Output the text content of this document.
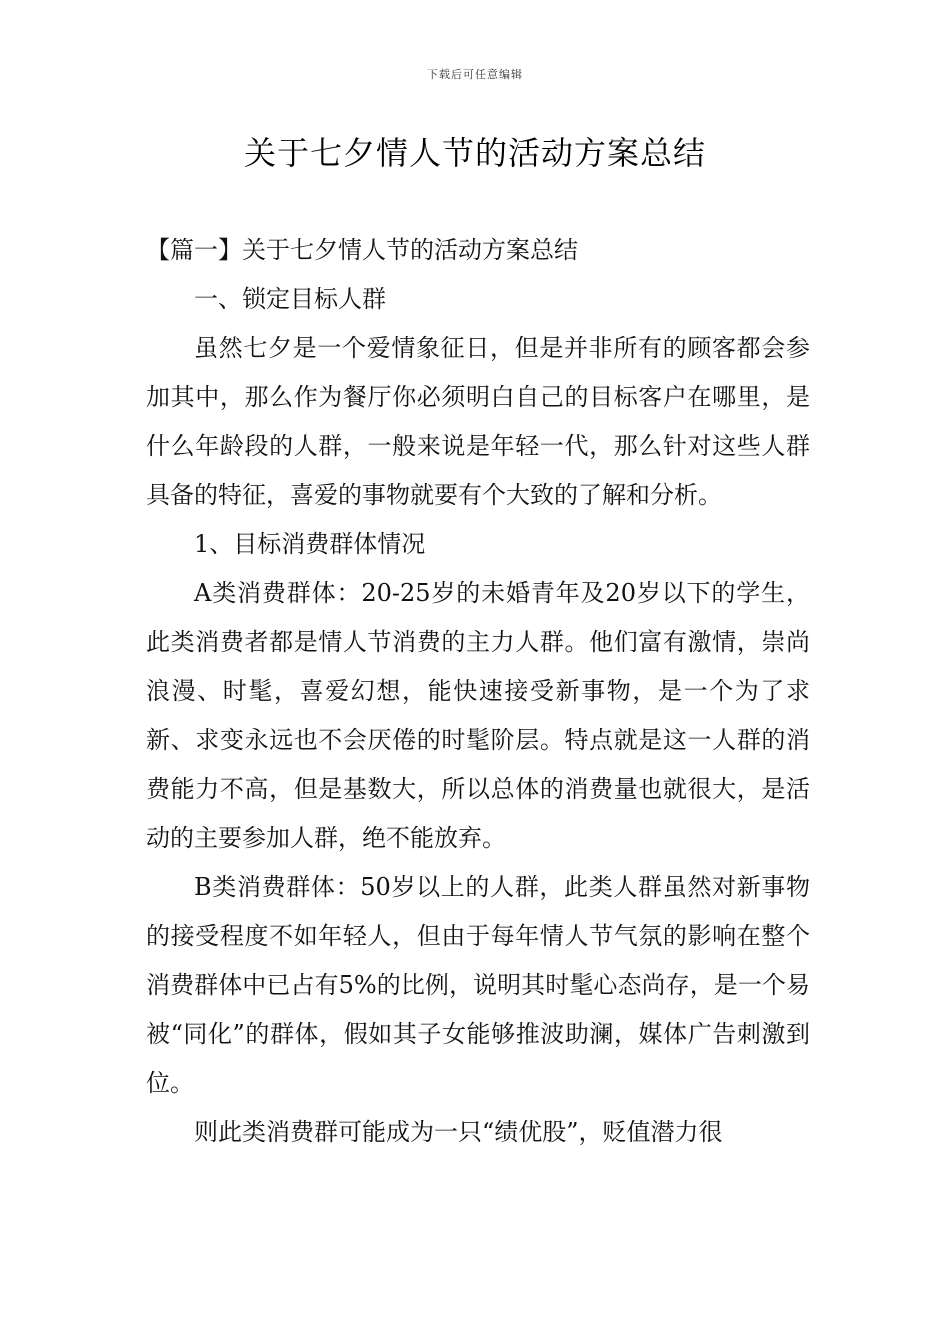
下载后可任意编辑
关于七夕情人节的活动方案总结

【篇一】关于七夕情人节的活动方案总结

一、锁定目标人群

虽然七夕是一个爱情象征日，但是并非所有的顾客都会参加其中，那么作为餐厅你必须明白自己的目标客户在哪里，是什么年龄段的人群，一般来说是年轻一代，那么针对这些人群具备的特征，喜爱的事物就要有个大致的了解和分析。

1、目标消费群体情况

A类消费群体：20-25岁的未婚青年及20岁以下的学生，此类消费者都是情人节消费的主力人群。他们富有激情，崇尚浪漫、时髦，喜爱幻想，能快速接受新事物，是一个为了求新、求变永远也不会厌倦的时髦阶层。特点就是这一人群的消费能力不高，但是基数大，所以总体的消费量也就很大，是活动的主要参加人群，绝不能放弃。

B类消费群体：50岁以上的人群，此类人群虽然对新事物的接受程度不如年轻人，但由于每年情人节气氛的影响在整个消费群体中已占有5%的比例，说明其时髦心态尚存，是一个易被“同化”的群体，假如其子女能够推波助澜，媒体广告刺激到位。

则此类消费群可能成为一只“绩优股”，贬值潜力很
